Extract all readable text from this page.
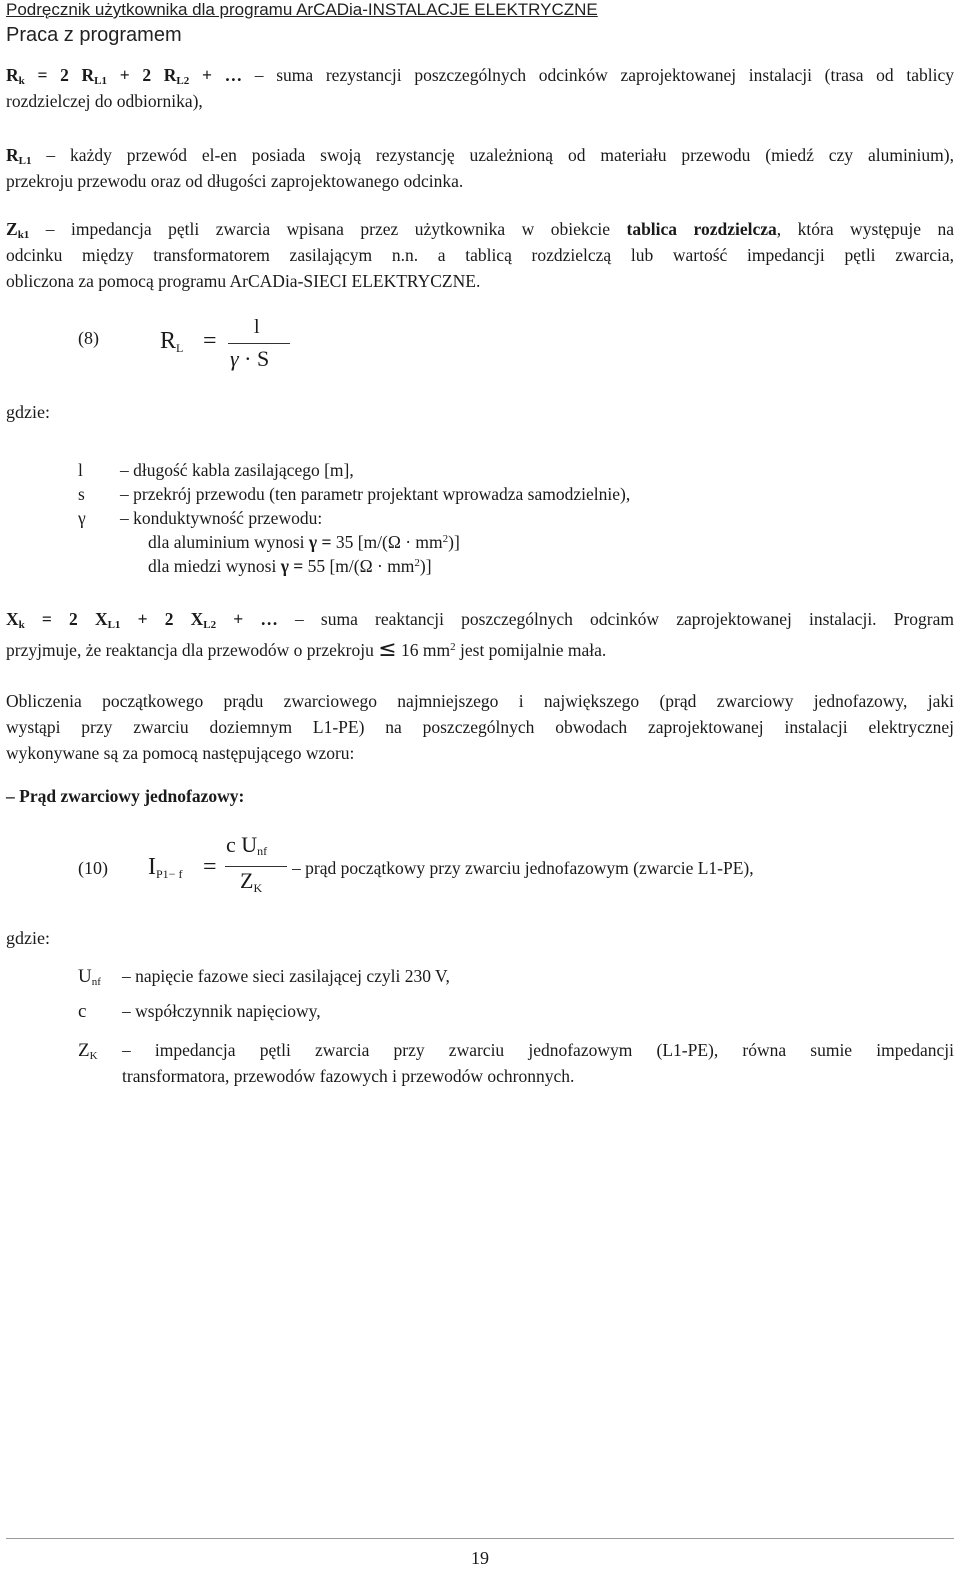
Podręcznik użytkownika dla programu ArCADia-INSTALACJE ELEKTRYCZNE
Praca z programem
$R_k = 2$ $R_{L1} + 2$ $R_{L2}$ + … – suma rezystancji poszczególnych odcinków zaprojektowanej instalacji (trasa od tablicy
rozdzielczej do odbiornika),
$R_{L1}$ – każdy przewód el-en posiada swoją rezystancję uzależnioną od materiału przewodu (miedź czy aluminium),
przekroju przewodu oraz od długości zaprojektowanego odcinka.
$Z_{k1}$ – impedancja pętli zwarcia wpisana przez użytkownika w obiekcie tablica rozdzielcza, która występuje na
odcinku między transformatorem zasilającym n.n. a tablicą rozdzielczą lub wartość impedancji pętli zwarcia,
obliczona za pomocą programu ArCADia-SIECI ELEKTRYCZNE.
(8)	$R_L$ =
l
γ · S
gdzie:
l – długość kabla zasilającego [m],
s – przekrój przewodu (ten parametr projektant wprowadza samodzielnie),
γ – konduktywność przewodu:
dla aluminium wynosi γ = 35 $[m/(\Omega \cdot mm^2)]$
dla miedzi wynosi γ = 55 $[m/(\Omega \cdot mm^2)]$
$X_k = 2$ $X_{L1} + 2$ $X_{L2}$ + … – suma reaktancji poszczególnych odcinków zaprojektowanej instalacji. Program
przyjmuje, że reaktancja dla przewodów o przekroju ≤ 16 $mm^2$ jest pomijalnie mała.
Obliczenia początkowego prądu zwarciowego najmniejszego i największego (prąd zwarciowy jednofazowy, jaki
wystąpi przy zwarciu doziemnym L1-PE) na poszczególnych obwodach zaprojektowanej instalacji elektrycznej
wykonywane są za pomocą następującego wzoru:
– Prąd zwarciowy jednofazowy:
(10) $I_{P1- f}$ =
c $U_{nf}$
$Z_K$
– prąd początkowy przy zwarciu jednofazowym (zwarcie L1-PE),
gdzie:
$U_{nf}$ – napięcie fazowe sieci zasilającej czyli 230 V,
c – współczynnik napięciowy,
$Z_K$ – impedancja pętli zwarcia przy zwarciu jednofazowym (L1-PE), równa sumie impedancji
transformatora, przewodów fazowych i przewodów ochronnych.
19
